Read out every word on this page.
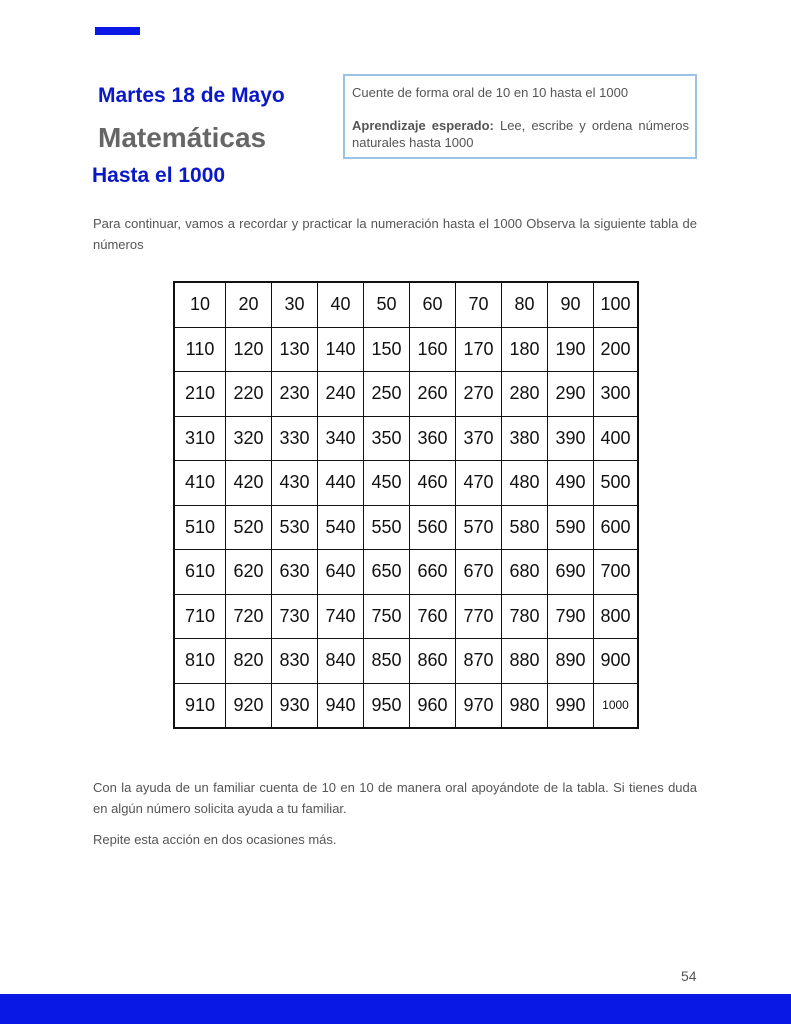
Martes 18 de Mayo
Matemáticas
Hasta el 1000
Cuente de forma oral de 10 en 10 hasta el 1000
Aprendizaje esperado: Lee, escribe y ordena números naturales hasta 1000
Para continuar, vamos a recordar y practicar la numeración hasta el 1000 Observa la siguiente tabla de números
10	20	30	40	50	60	70	80	90	100
110	120	130	140	150	160	170	180	190	200
210	220	230	240	250	260	270	280	290	300
310	320	330	340	350	360	370	380	390	400
410	420	430	440	450	460	470	480	490	500
510	520	530	540	550	560	570	580	590	600
610	620	630	640	650	660	670	680	690	700
710	720	730	740	750	760	770	780	790	800
810	820	830	840	850	860	870	880	890	900
910	920	930	940	950	960	970	980	990	1000
Con la ayuda de un familiar cuenta de 10 en 10 de manera oral apoyándote de la tabla. Si tienes duda en algún número solicita ayuda a tu familiar.
Repite esta acción en dos ocasiones más.
54
